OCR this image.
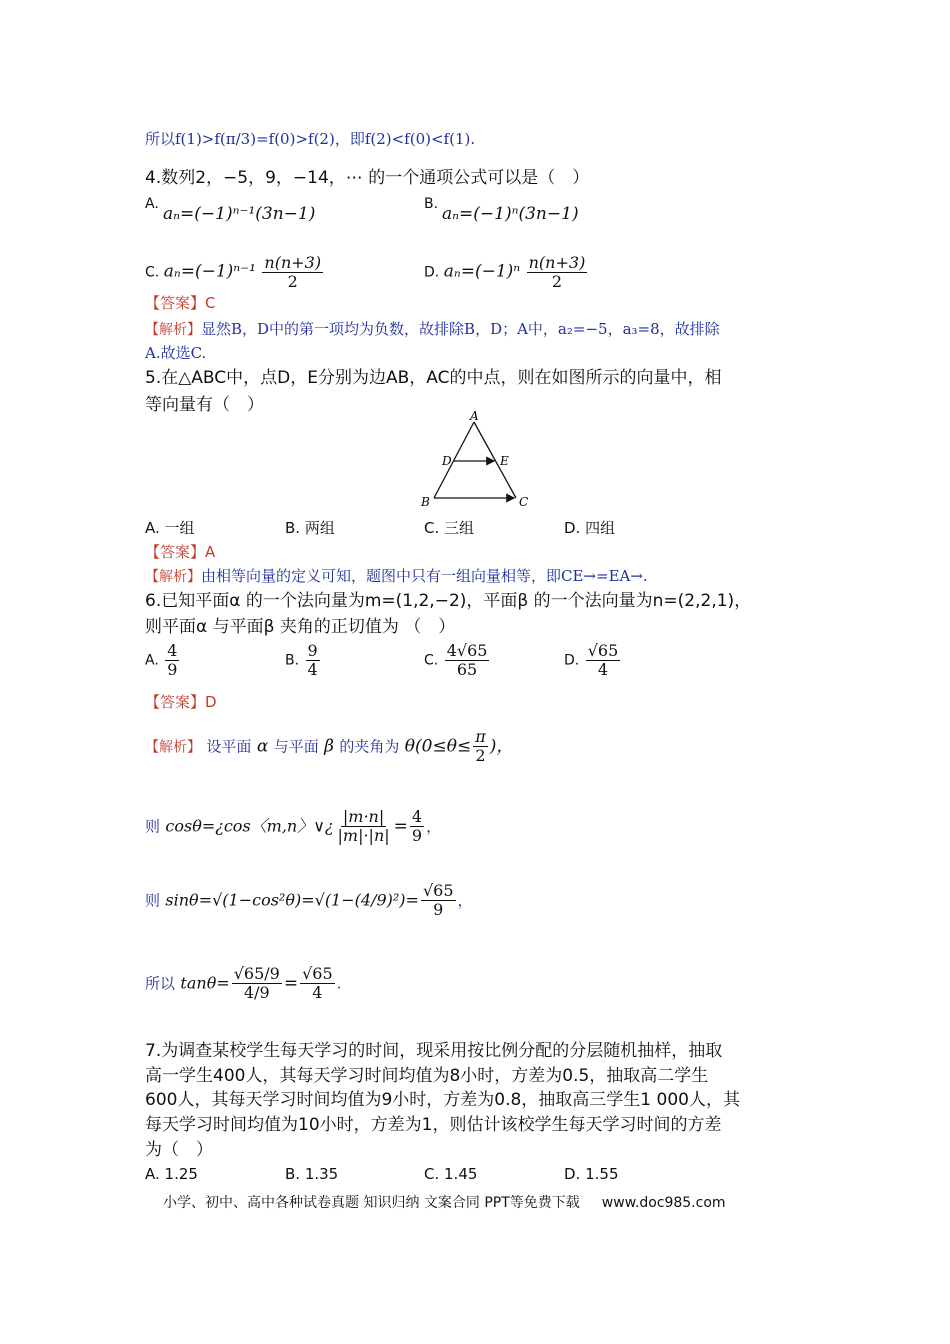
所以f(1)>f(π/3)=f(0)>f(2)，即f(2)<f(0)<f(1).
4.数列2，−5，9，−14，⋯ 的一个通项公式可以是（　）
A. aₙ=(−1)ⁿ⁻¹(3n−1)	B. aₙ=(−1)ⁿ(3n−1)
C. $a_n=(-1)^{n-1} \frac{n(n+3)}{2}$	D. $a_n=(-1)^n \frac{n(n+3)}{2}$
【答案】C
【解析】显然B，D中的第一项均为负数，故排除B，D；A中，a₂=−5，a₃=8，故排除
A.故选C.
5.在△ABC中，点D，E分别为边AB，AC的中点，则在如图所示的向量中，相
等向量有（　）
A
D	E
B	C
A. 一组	B. 两组	C. 三组	D. 四组
【答案】A
【解析】由相等向量的定义可知，题图中只有一组向量相等，即CE→=EA→.
6.已知平面α 的一个法向量为m=(1,2,−2)，平面β 的一个法向量为n=(2,2,1)，
则平面α 与平面β 夹角的正切值为 （　）
A. $\frac{4}{9}$	B. $\frac{9}{4}$	C. $\frac{4√65}{65}$	D. $\frac{√65}{4}$
【答案】D
【解析】 设平面 α 与平面 β 的夹角为 $\theta(0\le\theta\le \frac{\pi}{2}$ )，
则 cosθ=¿cos〈m,n〉∨¿ $\frac{|m\cdot n|}{|m|\cdot|n|} = \frac{4}{9}$ ，
则 $\sin\theta=√(1-\cos^2\theta)=√(1-(4/9)^2)= \frac{√65}{9}$ ，
所以 $\tan\theta= \frac{√65/9}{4/9} = \frac{√65}{4}$ .
7.为调查某校学生每天学习的时间，现采用按比例分配的分层随机抽样，抽取
高一学生400人，其每天学习时间均值为8小时，方差为0.5，抽取高二学生
600人，其每天学习时间均值为9小时，方差为0.8，抽取高三学生1 000人，其
每天学习时间均值为10小时，方差为1，则估计该校学生每天学习时间的方差
为（　）
A. 1.25	B. 1.35	C. 1.45	D. 1.55
小学、初中、高中各种试卷真题 知识归纳 文案合同 PPT等免费下载 www.doc985.com
